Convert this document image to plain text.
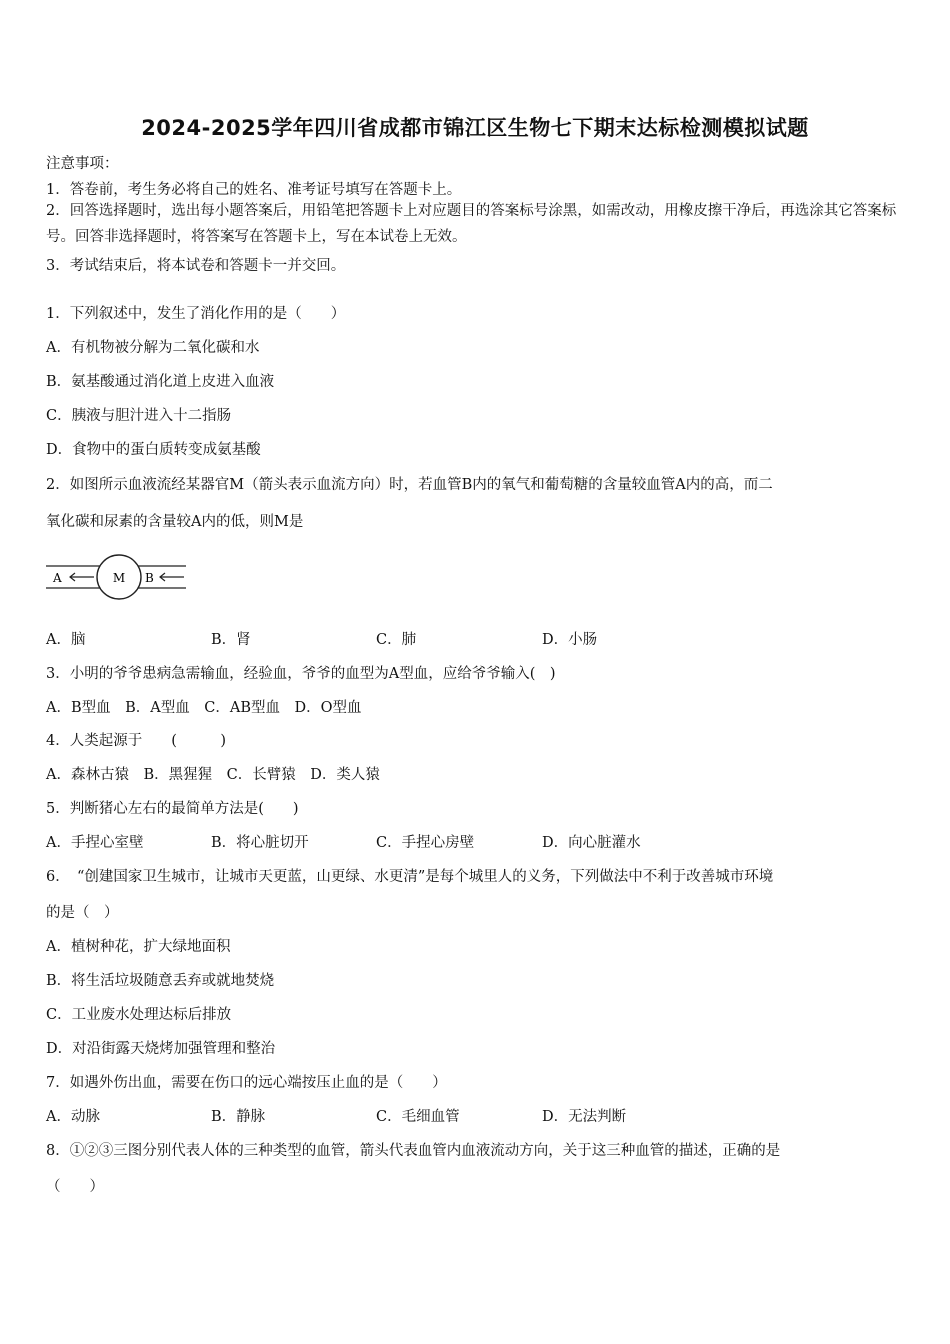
2024-2025学年四川省成都市锦江区生物七下期末达标检测模拟试题
注意事项：
1．答卷前，考生务必将自己的姓名、准考证号填写在答题卡上。
2．回答选择题时，选出每小题答案后，用铅笔把答题卡上对应题目的答案标号涂黑，如需改动，用橡皮擦干净后，再选涂其它答案标号。回答非选择题时，将答案写在答题卡上，写在本试卷上无效。
3．考试结束后，将本试卷和答题卡一并交回。
1．下列叙述中，发生了消化作用的是（　　）
A．有机物被分解为二氧化碳和水
B．氨基酸通过消化道上皮进入血液
C．胰液与胆汁进入十二指肠
D．食物中的蛋白质转变成氨基酸
2．如图所示血液流经某器官M（箭头表示血流方向）时，若血管B内的氧气和葡萄糖的含量较血管A内的高，而二
氧化碳和尿素的含量较A内的低，则M是
M
A	B
A．脑	B．肾	C．肺	D．小肠
3．小明的爷爷患病急需输血，经验血，爷爷的血型为A型血，应给爷爷输入(　)
A．B型血　B．A型血　C．AB型血　D．O型血
4．人类起源于　　(　　　)
A．森林古猿　B．黑猩猩　C．长臂猿　D．类人猿
5．判断猪心左右的最简单方法是(　　)
A．手捏心室壁	B．将心脏切开	C．手捏心房壁	D．向心脏灌水
6．　“创建国家卫生城市，让城市天更蓝，山更绿、水更清”是每个城里人的义务，下列做法中不利于改善城市环境
的是（　）
A．植树种花，扩大绿地面积
B．将生活垃圾随意丢弃或就地焚烧
C．工业废水处理达标后排放
D．对沿街露天烧烤加强管理和整治
7．如遇外伤出血，需要在伤口的远心端按压止血的是（　　）
A．动脉	B．静脉	C．毛细血管	D．无法判断
8．①②③三图分别代表人体的三种类型的血管，箭头代表血管内血液流动方向，关于这三种血管的描述，正确的是
（　　）
